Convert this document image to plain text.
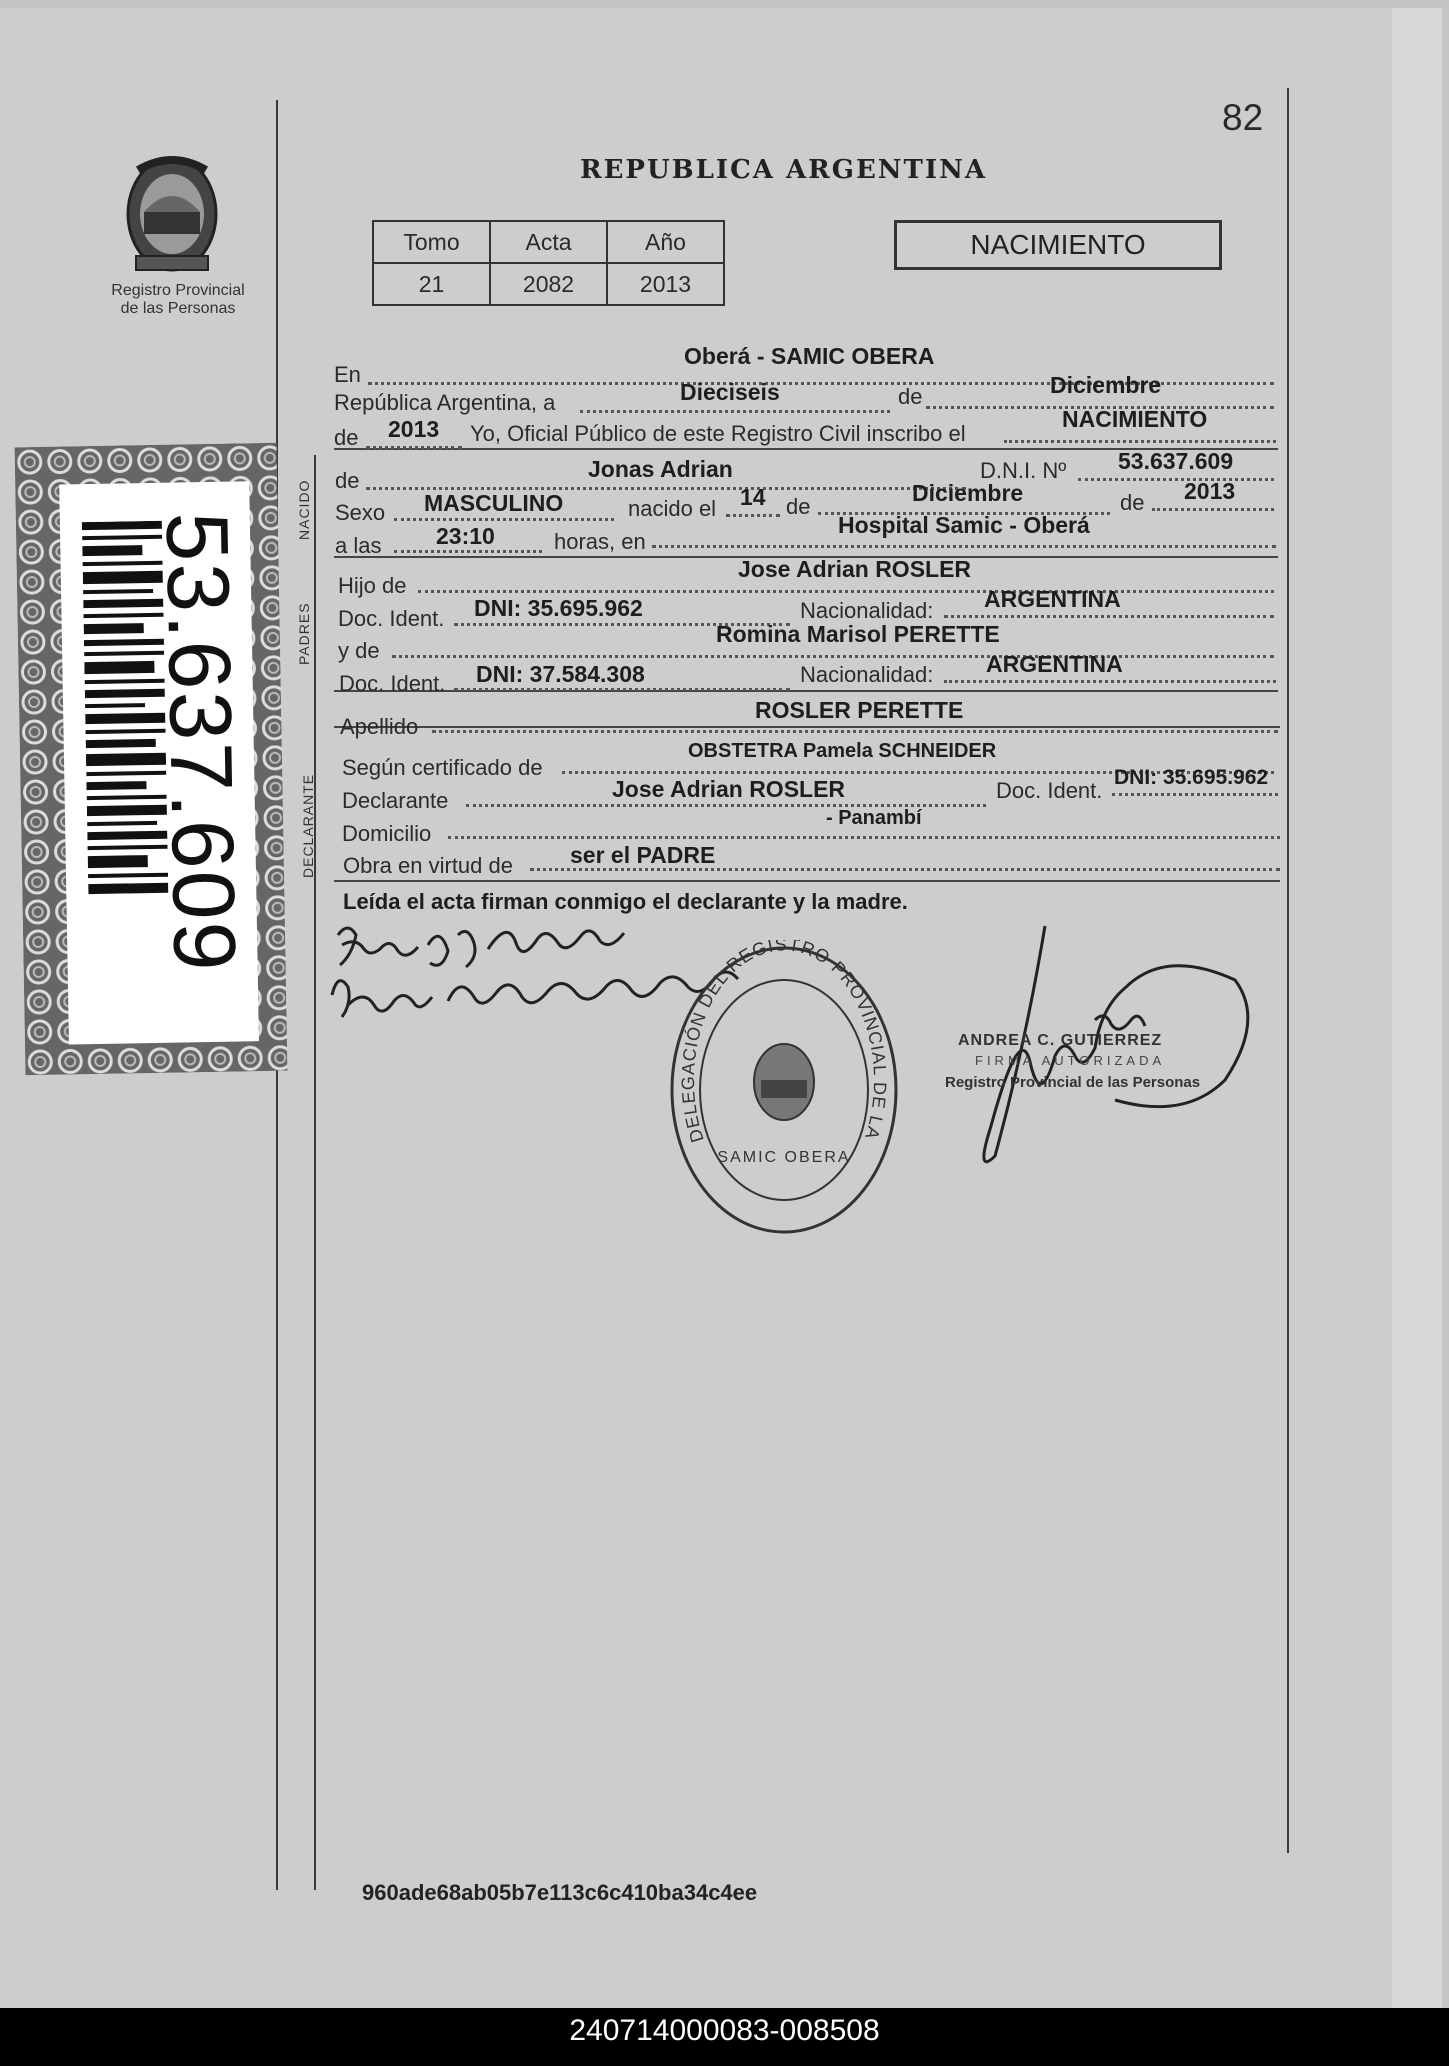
82
REPUBLICA ARGENTINA
Registro Provincial
de las Personas
Tomo	Acta	Año
21	2082	2013
NACIMIENTO
53.637.609
NACIDO
PADRES
DECLARANTE
En
Oberá - SAMIC OBERA
República Argentina, a	Dieciseis	de	Diciembre
de 2013 Yo, Oficial Público de este Registro Civil inscribo el
NACIMIENTO
de	Jonas Adrian	D.N.I. Nº 53.637.609
Sexo MASCULINO	nacido el 14 de
Diciembre	de 2013
a las 23:10	horas, en
Hospital Samic - Oberá
Hijo de
Jose Adrian ROSLER
Doc. Ident. DNI: 35.695.962	Nacionalidad: ARGENTINA
y de
Romina Marisol PERETTE
Doc. Ident. DNI: 37.584.308	Nacionalidad: ARGENTINA
Apellido
ROSLER PERETTE
Según certificado de
OBSTETRA Pamela SCHNEIDER
Declarante	Jose Adrian ROSLER	Doc. Ident.
DNI: 35.695.962
Domicilio
- Panambí
Obra en virtud de ser el PADRE
Leída el acta firman conmigo el declarante y la madre.
DELEGACIÓN DEL REGISTRO PROVINCIAL DE LA
SAMIC OBERA
ANDREA C. GUTIERREZ
FIRMA AUTORIZADA
Registro Provincial de las Personas
960ade68ab05b7e113c6c410ba34c4ee
240714000083-008508
